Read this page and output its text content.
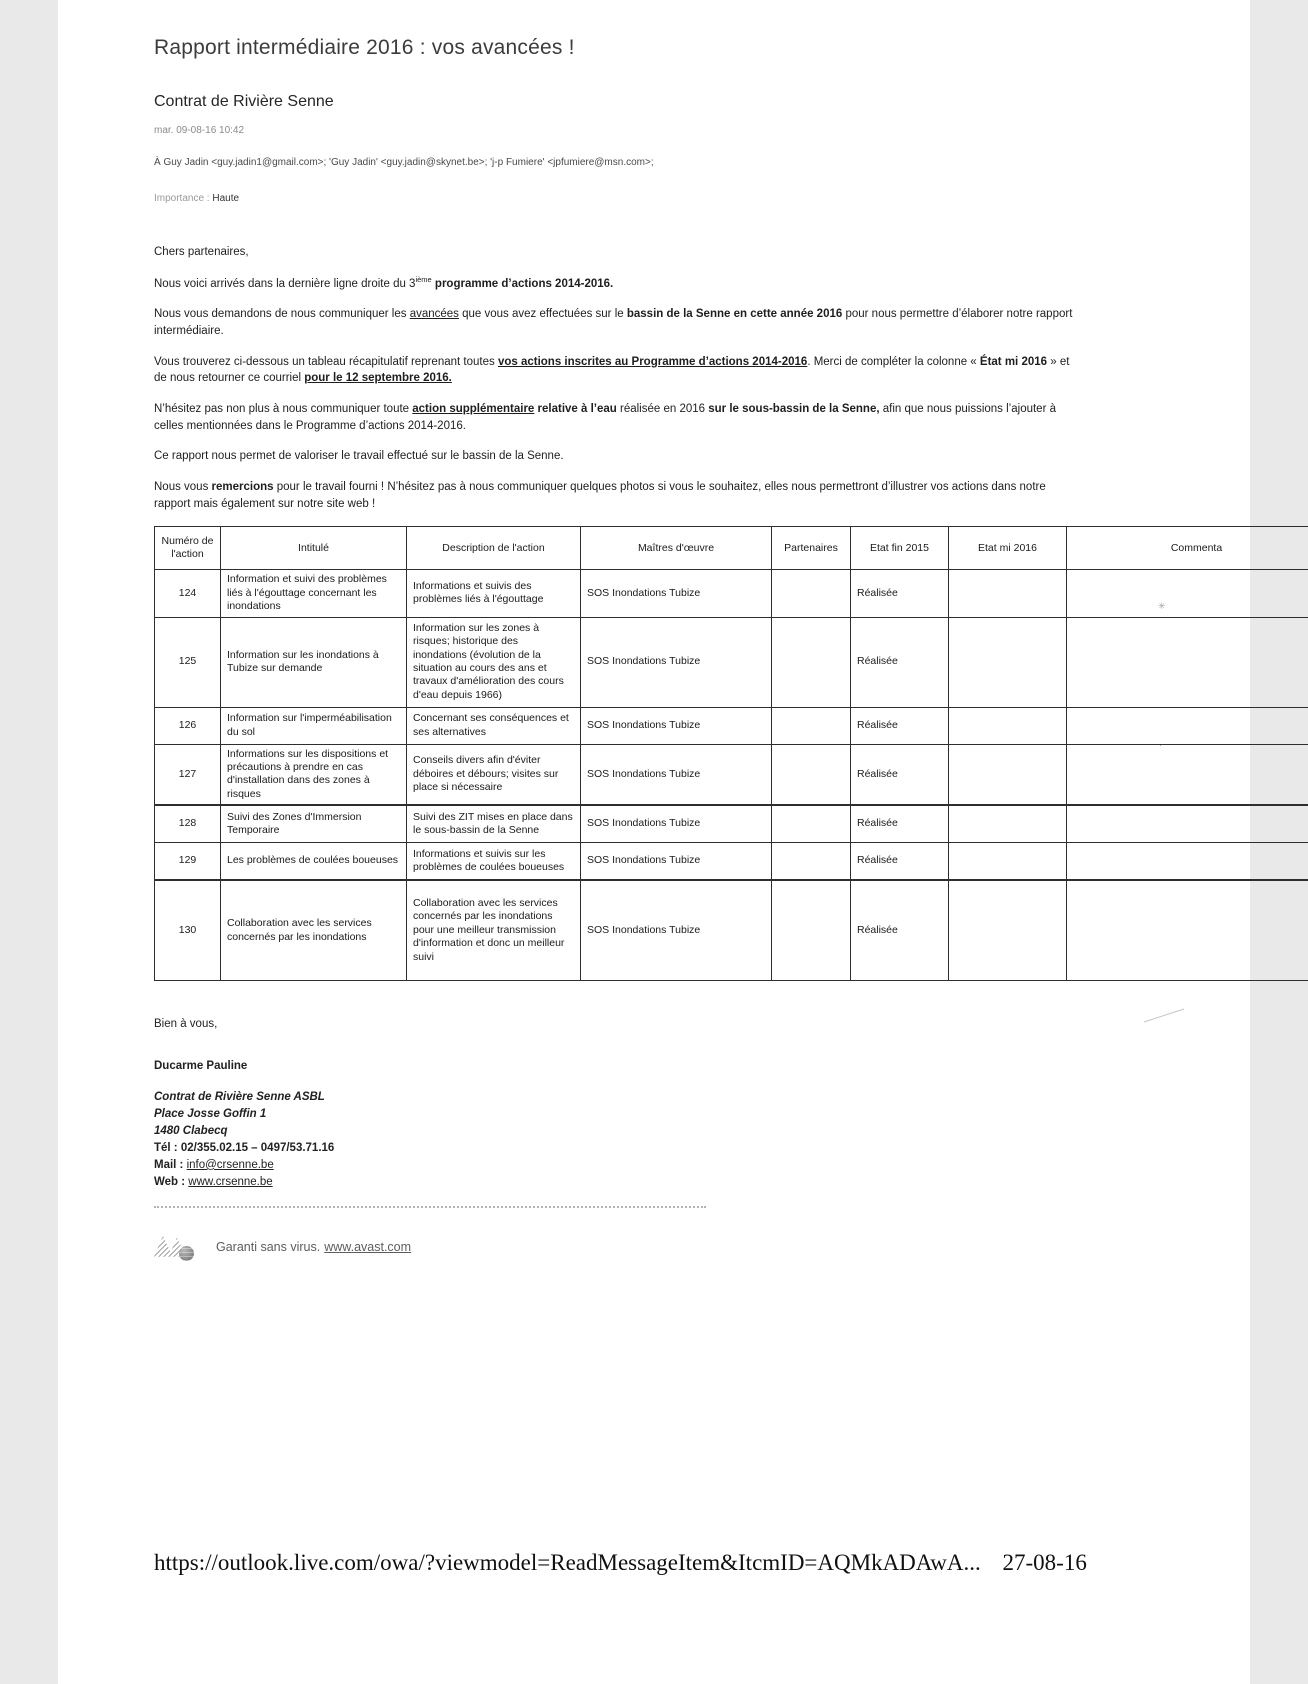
Rapport intermédiaire 2016 : vos avancées !
Contrat de Rivière Senne
mar. 09-08-16 10:42
À Guy Jadin <guy.jadin1@gmail.com>; 'Guy Jadin' <guy.jadin@skynet.be>; 'j-p Fumiere' <jpfumiere@msn.com>;
Importance : Haute

Chers partenaires,

Nous voici arrivés dans la dernière ligne droite du 3ième programme d’actions 2014-2016.

Nous vous demandons de nous communiquer les avancées que vous avez effectuées sur le bassin de la Senne en cette année 2016 pour nous permettre d’élaborer notre rapport intermédiaire.

Vous trouverez ci-dessous un tableau récapitulatif reprenant toutes vos actions inscrites au Programme d’actions 2014-2016. Merci de compléter la colonne « État mi 2016 » et de nous retourner ce courriel pour le 12 septembre 2016.

N’hésitez pas non plus à nous communiquer toute action supplémentaire relative à l’eau réalisée en 2016 sur le sous-bassin de la Senne, afin que nous puissions l’ajouter à celles mentionnées dans le Programme d’actions 2014-2016.

Ce rapport nous permet de valoriser le travail effectué sur le bassin de la Senne.

Nous vous remercions pour le travail fourni ! N’hésitez pas à nous communiquer quelques photos si vous le souhaitez, elles nous permettront d’illustrer vos actions dans notre rapport mais également sur notre site web !

Numéro de l'action	Intitulé	Description de l'action	Maîtres d'œuvre	Partenaires	Etat fin 2015	Etat mi 2016	Commenta
124	Information et suivi des problèmes liés à l'égouttage concernant les inondations	Informations et suivis des problèmes liés à l'égouttage	SOS Inondations Tubize		Réalisée		
125	Information sur les inondations à Tubize sur demande	Information sur les zones à risques; historique des inondations (évolution de la situation au cours des ans et travaux d'amélioration des cours d'eau depuis 1966)	SOS Inondations Tubize		Réalisée		
126	Information sur l'imperméabilisation du sol	Concernant ses conséquences et ses alternatives	SOS Inondations Tubize		Réalisée		
127	Informations sur les dispositions et précautions à prendre en cas d'installation dans des zones à risques	Conseils divers afin d'éviter déboires et débours; visites sur place si nécessaire	SOS Inondations Tubize		Réalisée		
128	Suivi des Zones d'Immersion Temporaire	Suivi des ZIT mises en place dans le sous-bassin de la Senne	SOS Inondations Tubize		Réalisée		
129	Les problèmes de coulées boueuses	Informations et suivis sur les problèmes de coulées boueuses	SOS Inondations Tubize		Réalisée		
130	Collaboration avec les services concernés par les inondations	Collaboration avec les services concernés par les inondations pour une meilleur transmission d'information et donc un meilleur suivi	SOS Inondations Tubize		Réalisée		

Bien à vous,

Ducarme Pauline

Contrat de Rivière Senne ASBL

Place Josse Goffin 1

1480 Clabecq

Tél : 02/355.02.15 – 0497/53.71.16

Mail : info@crsenne.be

Web : www.crsenne.be

Garanti sans virus. www.avast.com
https://outlook.live.com/owa/?viewmodel=ReadMessageItem&ItcmID=AQMkADAwA... 27-08-16
✳
·
